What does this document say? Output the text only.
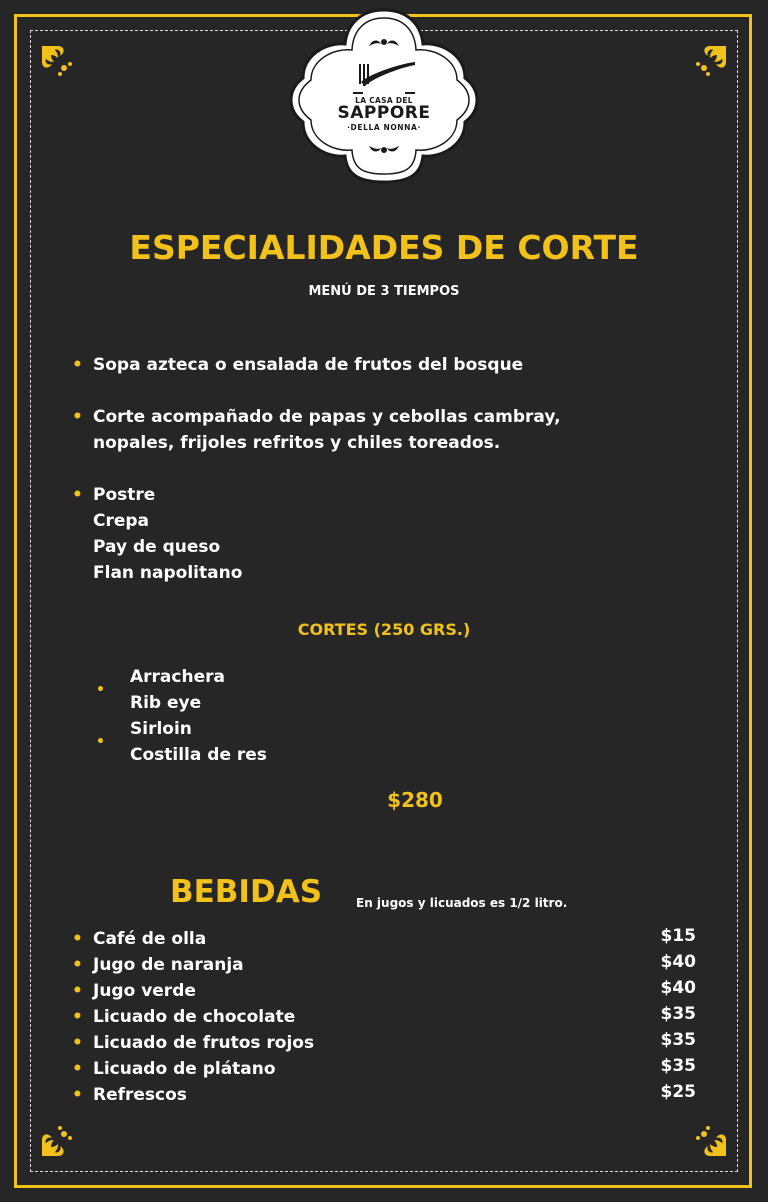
LA CASA DEL
SAPPORE
·DELLA NONNA·
ESPECIALIDADES DE CORTE
MENÚ DE 3 TIEMPOS
• Sopa azteca o ensalada de frutos del bosque
• Corte acompañado de papas y cebollas cambray,
nopales, frijoles refritos y chiles toreados.
• Postre
Crepa
Pay de queso
Flan napolitano
CORTES (250 GRS.)
•
•
Arrachera
Rib eye
Sirloin
Costilla de res
$280
BEBIDAS	En jugos y licuados es 1/2 litro.
• Café de olla	$15
• Jugo de naranja	$40
• Jugo verde	$40
• Licuado de chocolate	$35
• Licuado de frutos rojos	$35
• Licuado de plátano	$35
• Refrescos	$25
